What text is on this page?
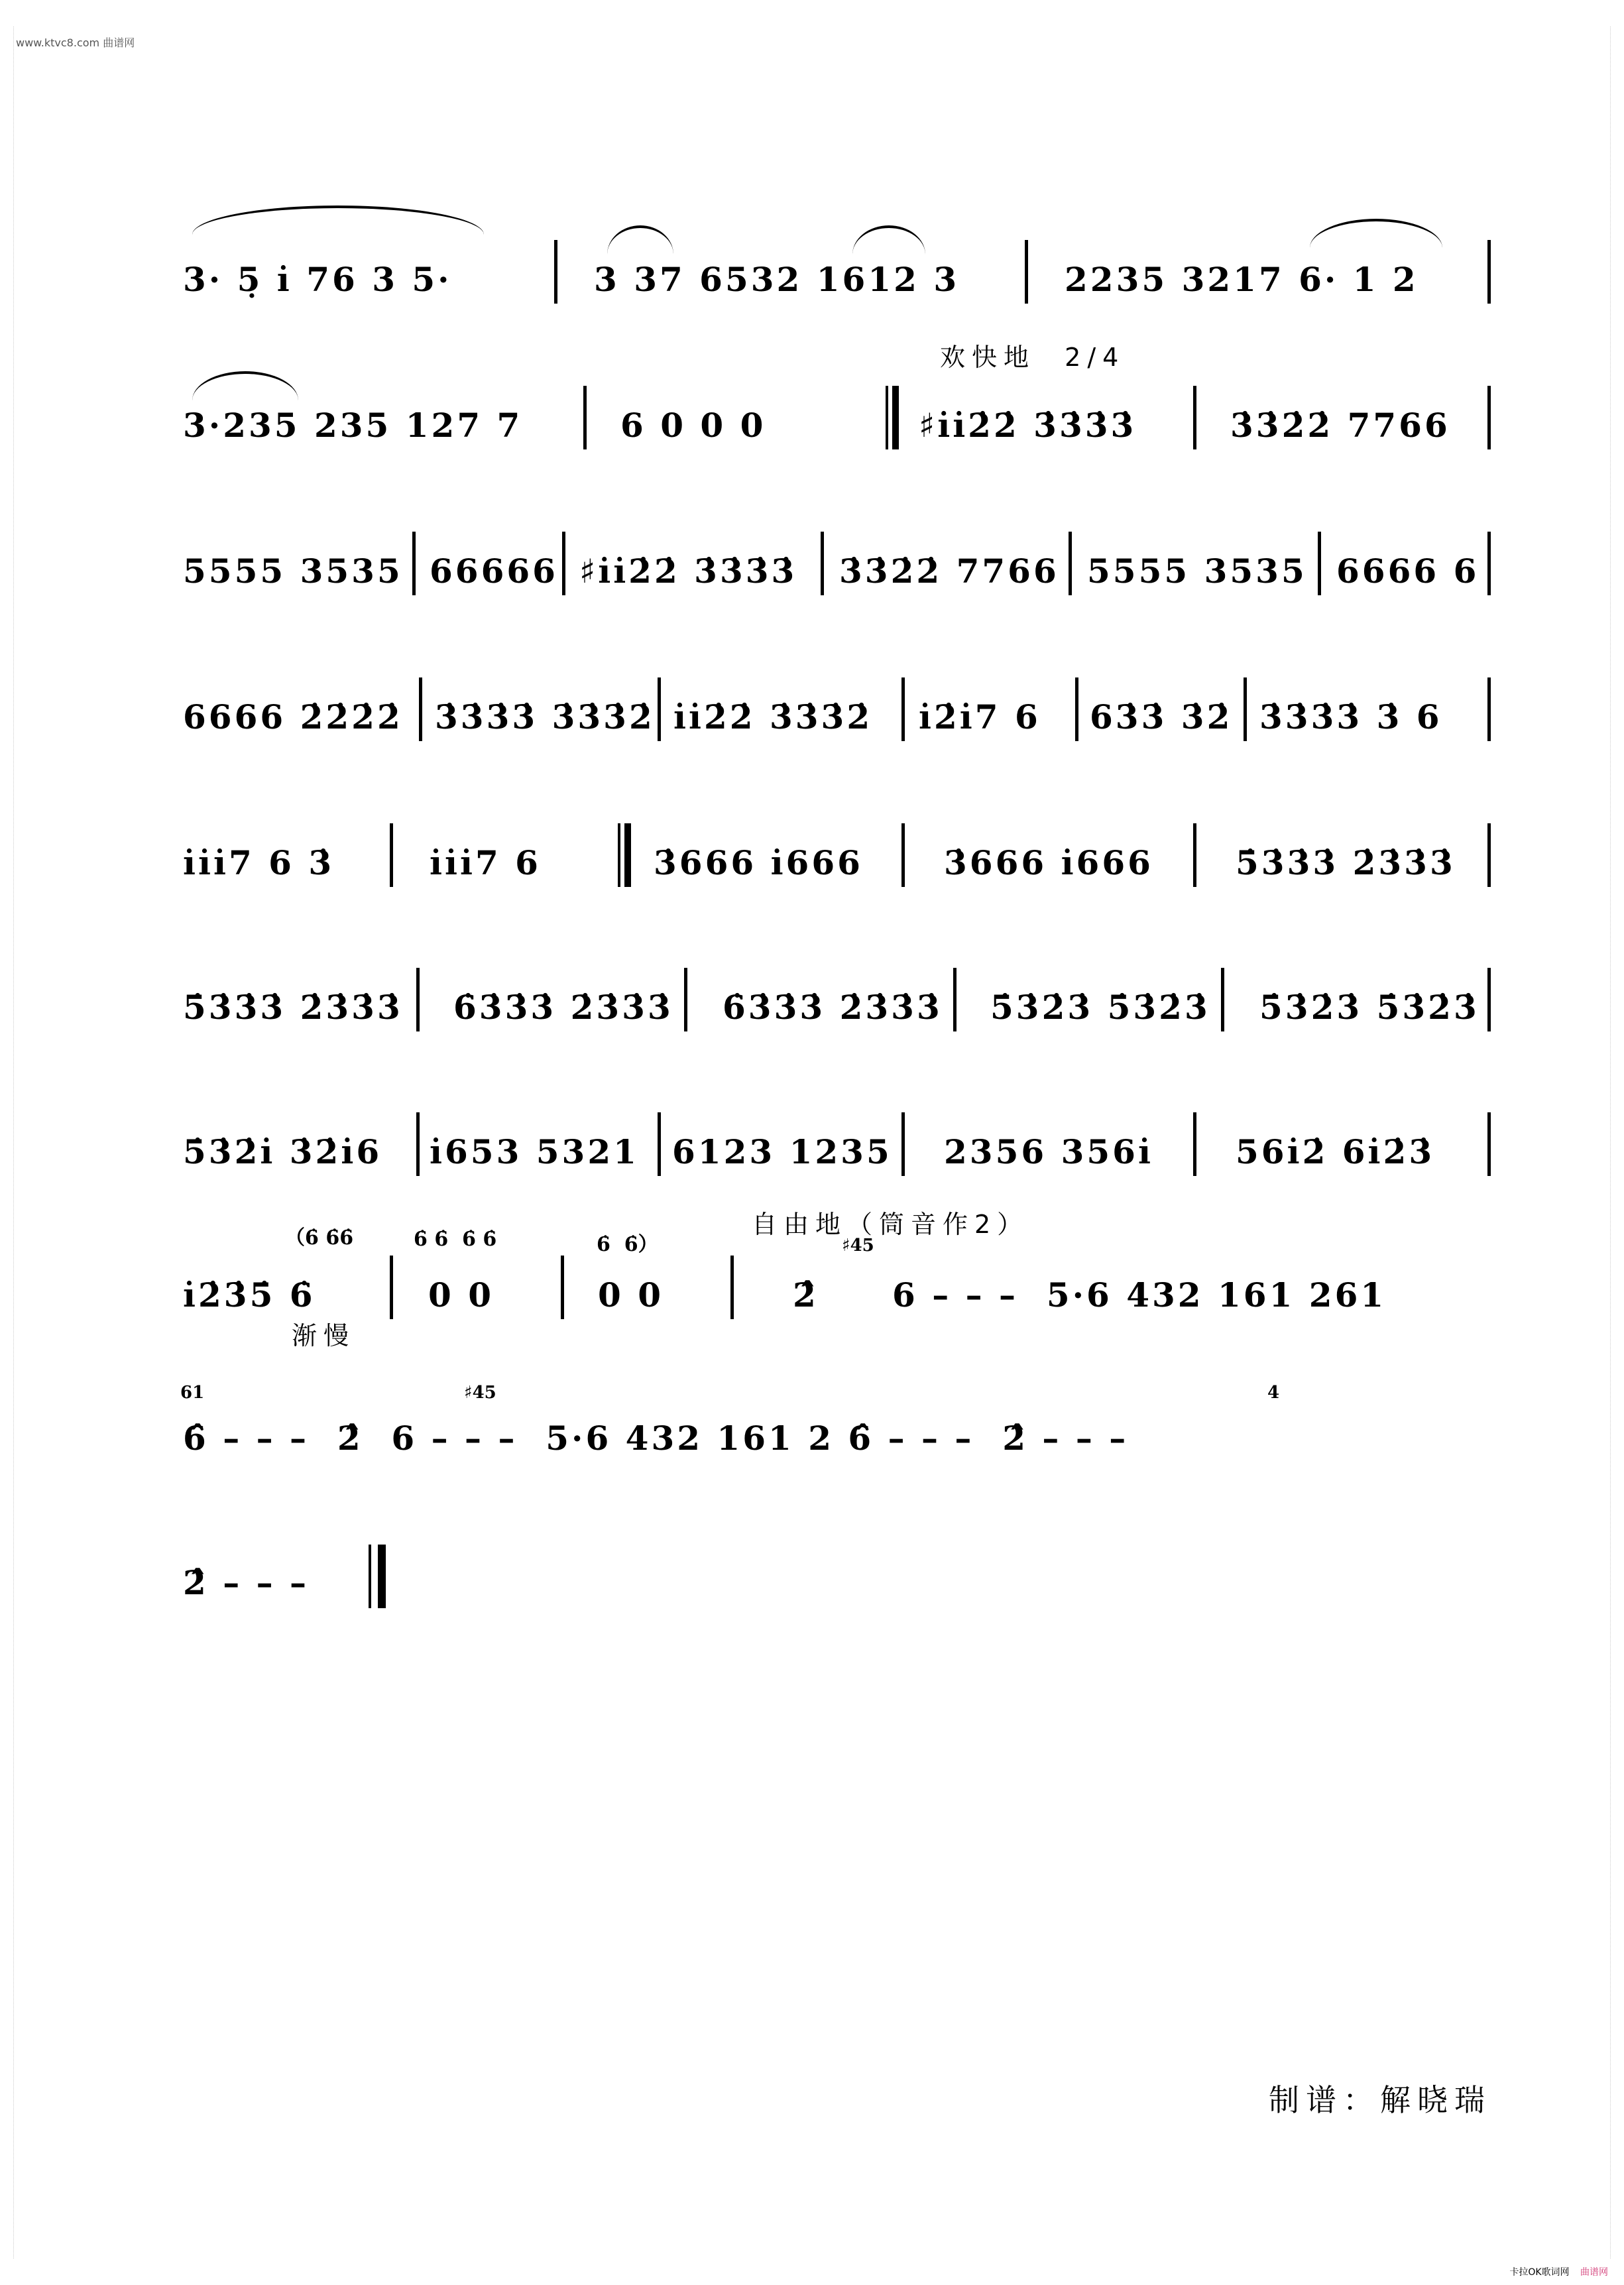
www.ktvc8.com 曲谱网
3· 5̣ i̇ 76 3 5·	3 37 6532 1612 3	2235 3217 6· 1 2
欢快地  2/4
3·235 235 127 7	6 0 0 0	♯i̇i̇2̇2̇ 3̇3̇3̇3̇	3̇3̇2̇2̇ 7766
5555 3535 66666 ♯i̇i̇2̇2̇ 3̇3̇3̇3̇ 3̇3̇2̇2̇ 7766 5555 3535 6666 6
6666 2̇2̇2̇2̇ 3̇3̇3̇3̇ 3̇3̇3̇2̇ i̇i̇2̇2̇ 3̇3̇3̇2̇ i̇2̇i̇7 6 63̇3̇ 3̇2̇ 3̇3̇3̇3̇ 3̇ 6
i̇i̇i̇7 6 3̇	i̇i̇i̇7 6	3̇666 i̇666 3̇666 i̇666 5̇3̇3̇3̇ 2̇3̇3̇3̇
5̇3̇3̇3̇ 2̇3̇3̇3̇ 6̇3̇3̇3̇ 2̇3̇3̇3̇ 6̇3̇3̇3̇ 2̇3̇3̇3̇ 5̇3̇2̇3̇ 5̇3̇2̇3̇ 5̇3̇2̇3̇ 5̇3̇2̇3̇
5̇3̇2̇i̇ 3̇2̇i̇6 i̇653 5321 6123 1235 2356 356i̇ 56i̇2̇ 6i̇2̇3̇
（6̇ 6̇6̇	6̇ 6̇  6̇ 6̇	6̇  6̇）
自由地（筒音作2）
♯45
i̇2̇3̇5̇ 6̇	0 0	0 0	2̂ 6 – – –  5·6 432 161 261
渐慢
61	♯45	4
6̂ – – –  2̂  6 – – –  5·6 432 161 2 6̂ – – –  2̂ – – –
2̂ – – –
制谱：解晓瑞
卡拉OK歌词网 曲谱网
